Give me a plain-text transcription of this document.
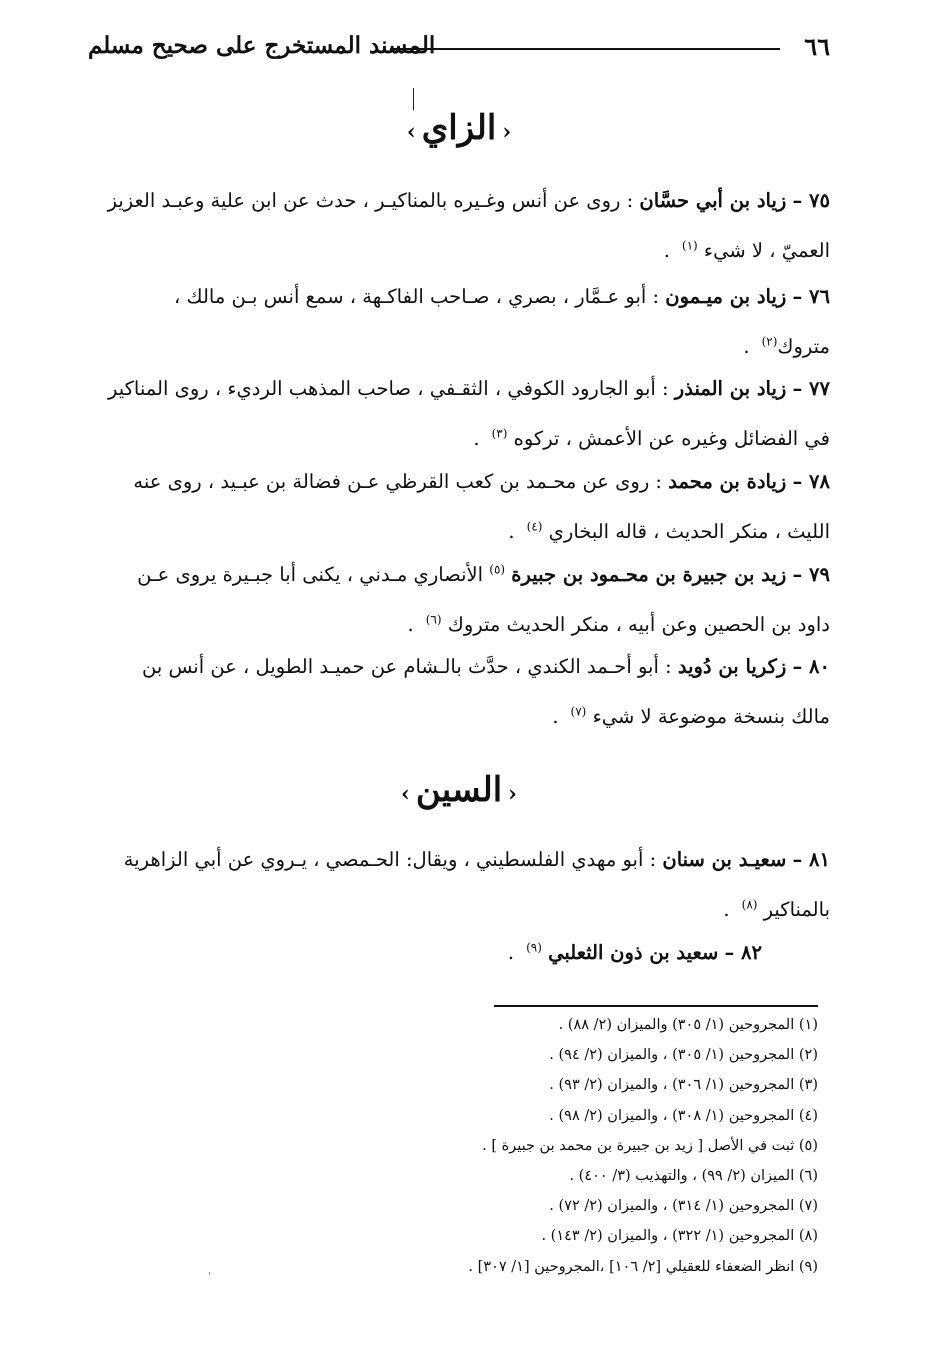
٦٦
المسند المستخرج على صحيح مسلم
‹الزاي›
٧٥ – زياد بن أبي حسَّان : روى عن أنس وغـيره بالمناكيـر ، حدث عن ابن علية وعبـد العزيز
العميّ ، لا شيء $^{(١)}$.
٧٦ – زياد بن ميـمون : أبو عـمَّار ، بصري ، صـاحب الفاكـهة ، سمع أنس بـن مالك ،
متروك$^{(٢)}$.
٧٧ – زياد بن المنذر : أبو الجارود الكوفي ، الثقـفي ، صاحب المذهب الرديء ، روى المناكير
في الفضائل وغيره عن الأعمش ، تركوه $^{(٣)}$.
٧٨ – زيادة بن محمد : روى عن محـمد بن كعب القرظي عـن فضالة بن عبـيد ، روى عنه
الليث ، منكر الحديث ، قاله البخاري $^{(٤)}$.
٧٩ – زيد بن جبيرة بن محـمود بن جبيرة $^{(٥)}$ الأنصاري مـدني ، يكنى أبا جبـيرة يروى عـن
داود بن الحصين وعن أبيه ، منكر الحديث متروك $^{(٦)}$.
٨٠ – زكريا بن دُويد : أبو أحـمد الكندي ، حدَّث بالـشام عن حميـد الطويل ، عن أنس بن
مالك بنسخة موضوعة لا شيء $^{(٧)}$.
‹السين›
٨١ – سعيـد بن سنان : أبو مهدي الفلسطيني ، ويقال: الحـمصي ، يـروي عن أبي الزاهرية
بالمناكير $^{(٨)}$.
٨٢ – سعيد بن ذون الثعلبي $^{(٩)}$.
(١) المجروحين (١/ ٣٠٥) والميزان (٢/ ٨٨) .
(٢) المجروحين (١/ ٣٠٥) ، والميزان (٢/ ٩٤) .
(٣) المجروحين (١/ ٣٠٦) ، والميزان (٢/ ٩٣) .
(٤) المجروحين (١/ ٣٠٨) ، والميزان (٢/ ٩٨) .
(٥) ثبت في الأصل [ زيد بن جبيرة بن محمد بن جبيرة ] .
(٦) الميزان (٢/ ٩٩) ، والتهذيب (٣/ ٤٠٠) .
(٧) المجروحين (١/ ٣١٤) ، والميزان (٢/ ٧٢) .
(٨) المجروحين (١/ ٣٢٢) ، والميزان (٢/ ١٤٣) .
(٩) انظر الضعفاء للعقيلي [٢/ ١٠٦] ،المجروحين [١/ ٣٠٧] .
